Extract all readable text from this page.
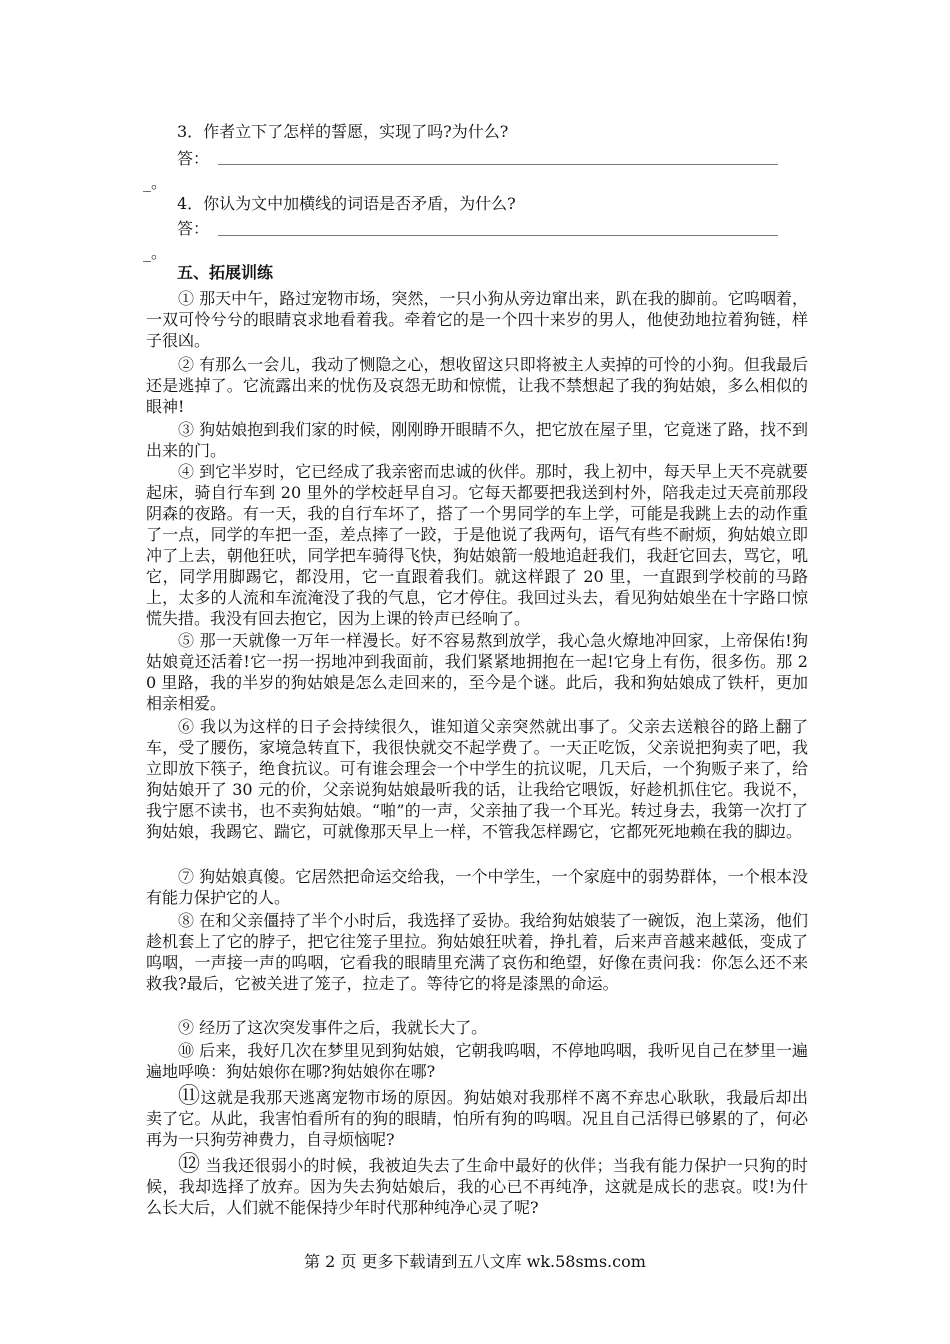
3．作者立下了怎样的誓愿，实现了吗?为什么?
答：
_。
4．你认为文中加横线的词语是否矛盾，为什么?
答：
_。
五、拓展训练

① 那天中午，路过宠物市场，突然，一只小狗从旁边窜出来，趴在我的脚前。它呜咽着，一双可怜兮兮的眼睛哀求地看着我。牵着它的是一个四十来岁的男人，他使劲地拉着狗链，样子很凶。

② 有那么一会儿，我动了恻隐之心，想收留这只即将被主人卖掉的可怜的小狗。但我最后还是逃掉了。它流露出来的忧伤及哀怨无助和惊慌，让我不禁想起了我的狗姑娘，多么相似的眼神!

③ 狗姑娘抱到我们家的时候，刚刚睁开眼睛不久，把它放在屋子里，它竟迷了路，找不到出来的门。

④ 到它半岁时，它已经成了我亲密而忠诚的伙伴。那时，我上初中，每天早上天不亮就要起床，骑自行车到 20 里外的学校赶早自习。它每天都要把我送到村外，陪我走过天亮前那段阴森的夜路。有一天，我的自行车坏了，搭了一个男同学的车上学，可能是我跳上去的动作重了一点，同学的车把一歪，差点摔了一跤，于是他说了我两句，语气有些不耐烦，狗姑娘立即冲了上去，朝他狂吠，同学把车骑得飞快，狗姑娘箭一般地追赶我们，我赶它回去，骂它，吼它，同学用脚踢它，都没用，它一直跟着我们。就这样跟了 20 里，一直跟到学校前的马路上，太多的人流和车流淹没了我的气息，它才停住。我回过头去，看见狗姑娘坐在十字路口惊慌失措。我没有回去抱它，因为上课的铃声已经响了。

⑤ 那一天就像一万年一样漫长。好不容易熬到放学，我心急火燎地冲回家，上帝保佑!狗姑娘竟还活着!它一拐一拐地冲到我面前，我们紧紧地拥抱在一起!它身上有伤，很多伤。那 20 里路，我的半岁的狗姑娘是怎么走回来的，至今是个谜。此后，我和狗姑娘成了铁杆，更加相亲相爱。

⑥ 我以为这样的日子会持续很久，谁知道父亲突然就出事了。父亲去送粮谷的路上翻了车，受了腰伤，家境急转直下，我很快就交不起学费了。一天正吃饭，父亲说把狗卖了吧，我立即放下筷子，绝食抗议。可有谁会理会一个中学生的抗议呢，几天后，一个狗贩子来了，给狗姑娘开了 30 元的价，父亲说狗姑娘最听我的话，让我给它喂饭，好趁机抓住它。我说不，我宁愿不读书，也不卖狗姑娘。“啪”的一声，父亲抽了我一个耳光。转过身去，我第一次打了狗姑娘，我踢它、踹它，可就像那天早上一样，不管我怎样踢它，它都死死地赖在我的脚边。

⑦ 狗姑娘真傻。它居然把命运交给我，一个中学生，一个家庭中的弱势群体，一个根本没有能力保护它的人。

⑧ 在和父亲僵持了半个小时后，我选择了妥协。我给狗姑娘装了一碗饭，泡上菜汤，他们趁机套上了它的脖子，把它往笼子里拉。狗姑娘狂吠着，挣扎着，后来声音越来越低，变成了呜咽，一声接一声的呜咽，它看我的眼睛里充满了哀伤和绝望，好像在责问我：你怎么还不来救我?最后，它被关进了笼子，拉走了。等待它的将是漆黑的命运。

⑨ 经历了这次突发事件之后，我就长大了。

⑩ 后来，我好几次在梦里见到狗姑娘，它朝我呜咽，不停地呜咽，我听见自己在梦里一遍遍地呼唤：狗姑娘你在哪?狗姑娘你在哪?

⑪这就是我那天逃离宠物市场的原因。狗姑娘对我那样不离不弃忠心耿耿，我最后却出卖了它。从此，我害怕看所有的狗的眼睛，怕所有狗的呜咽。况且自己活得已够累的了，何必再为一只狗劳神费力，自寻烦恼呢?

⑫ 当我还很弱小的时候，我被迫失去了生命中最好的伙伴；当我有能力保护一只狗的时候，我却选择了放弃。因为失去狗姑娘后，我的心已不再纯净，这就是成长的悲哀。哎!为什么长大后，人们就不能保持少年时代那种纯净心灵了呢?

第 2 页 更多下载请到五八文库 wk.58sms.com
